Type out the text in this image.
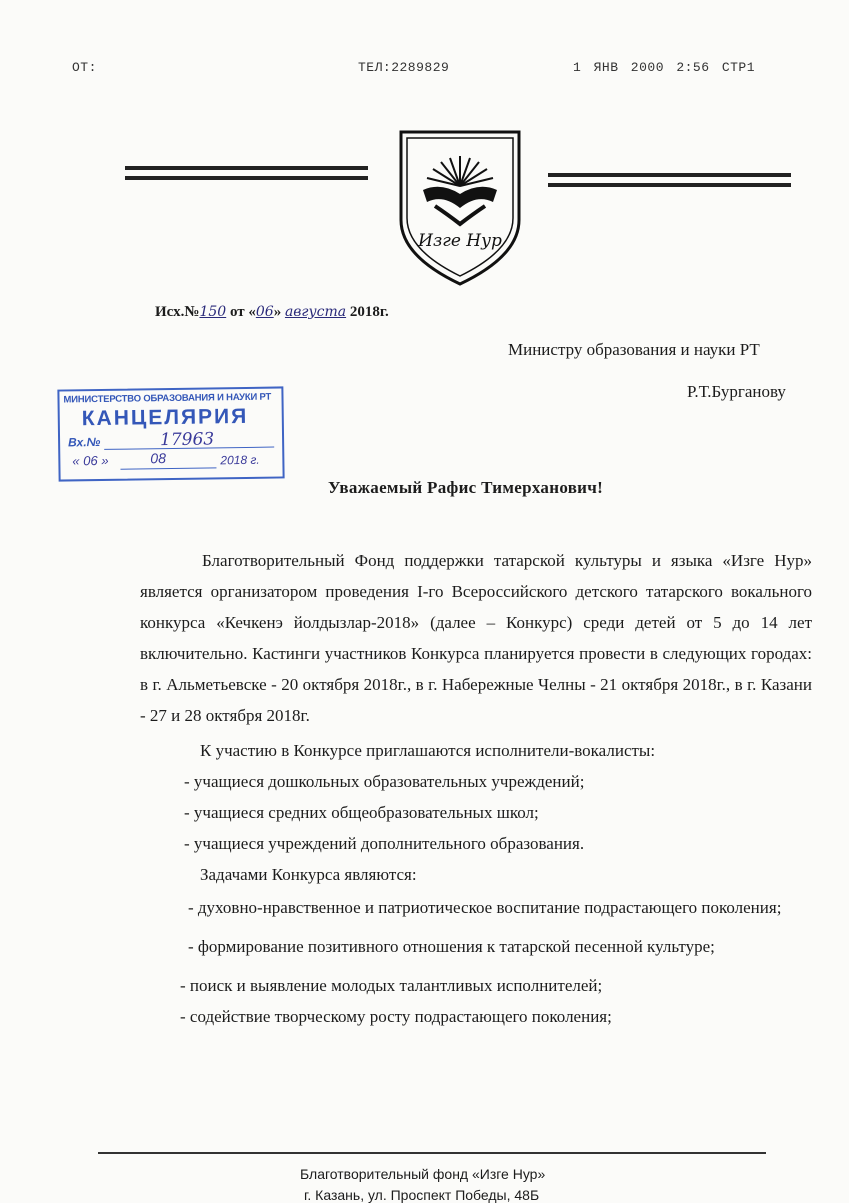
ОТ:	ТЕЛ:2289829	1 ЯНВ 2000 2:56 СТР1
Изге Нур
Исх.№150 от «06» августа 2018г.
Министру образования и науки РТ
Р.Т.Бурганову
МИНИСТЕРСТВО ОБРАЗОВАНИЯ И НАУКИ РТ
КАНЦЕЛЯРИЯ
Вх.№	17963
« 06 »	08	2018 г.
Уважаемый Рафис Тимерханович!

Благотворительный Фонд поддержки татарской культуры и языка «Изге Нур» является организатором проведения I-го Всероссийского детского татарского вокального конкурса «Кечкенэ йолдызлар-2018» (далее – Конкурс) среди детей от 5 до 14 лет включительно. Кастинги участников Конкурса планируется провести в следующих городах: в г. Альметьевске - 20 октября 2018г., в г. Набережные Челны - 21 октября 2018г., в г. Казани - 27 и 28 октября 2018г.

К участию в Конкурсе приглашаются исполнители-вокалисты:
- учащиеся дошкольных образовательных учреждений;
- учащиеся средних общеобразовательных школ;
- учащиеся учреждений дополнительного образования.
Задачами Конкурса являются:

- духовно-нравственное и патриотическое воспитание подрастающего поколения;

- формирование позитивного отношения к татарской песенной культуре;

- поиск и выявление молодых талантливых исполнителей;
- содействие творческому росту подрастающего поколения;
Благотворительный фонд «Изге Нур»
г. Казань, ул. Проспект Победы, 48Б
